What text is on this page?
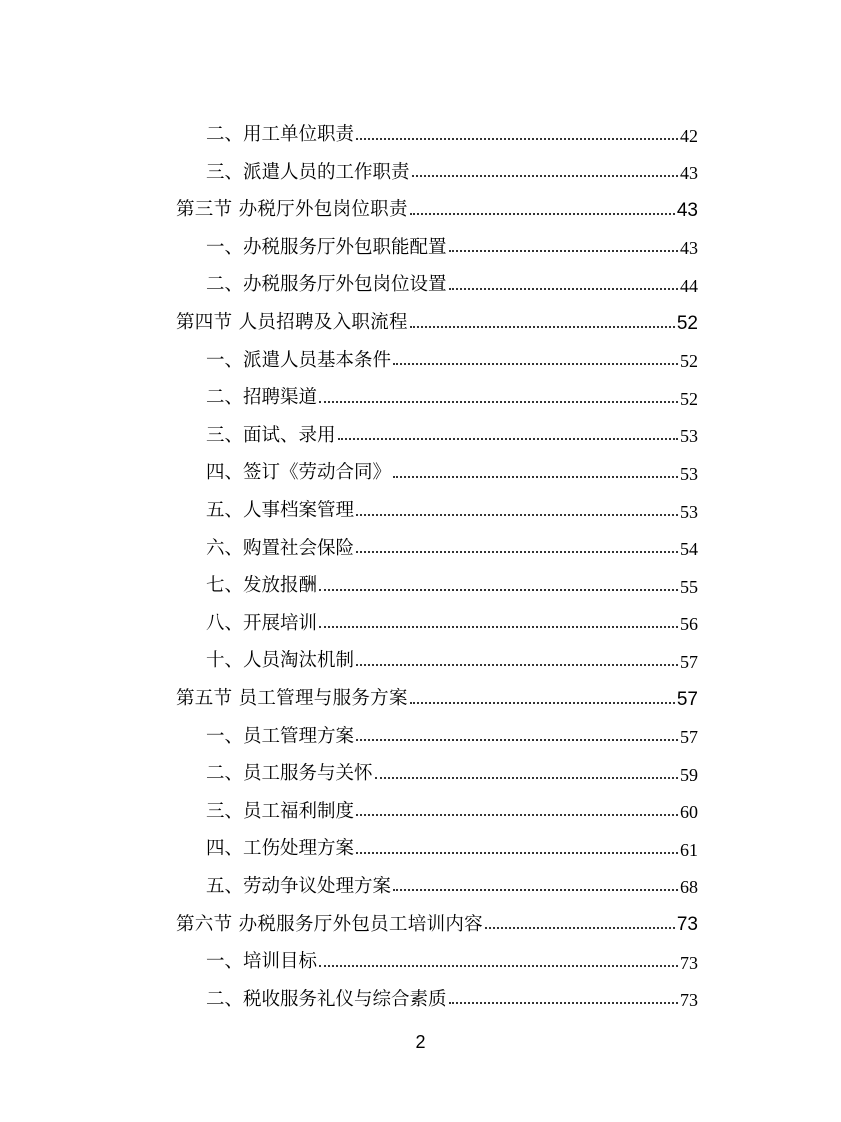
二、用工单位职责	42
三、派遣人员的工作职责	43
第三节 办税厅外包岗位职责	43
一、办税服务厅外包职能配置	43
二、办税服务厅外包岗位设置	44
第四节 人员招聘及入职流程	52
一、派遣人员基本条件	52
二、招聘渠道	52
三、面试、录用	53
四、签订《劳动合同》	53
五、人事档案管理	53
六、购置社会保险	54
七、发放报酬	55
八、开展培训	56
十、人员淘汰机制	57
第五节 员工管理与服务方案	57
一、员工管理方案	57
二、员工服务与关怀	59
三、员工福利制度	60
四、工伤处理方案	61
五、劳动争议处理方案	68
第六节 办税服务厅外包员工培训内容	73
一、培训目标	73
二、税收服务礼仪与综合素质	73
2
